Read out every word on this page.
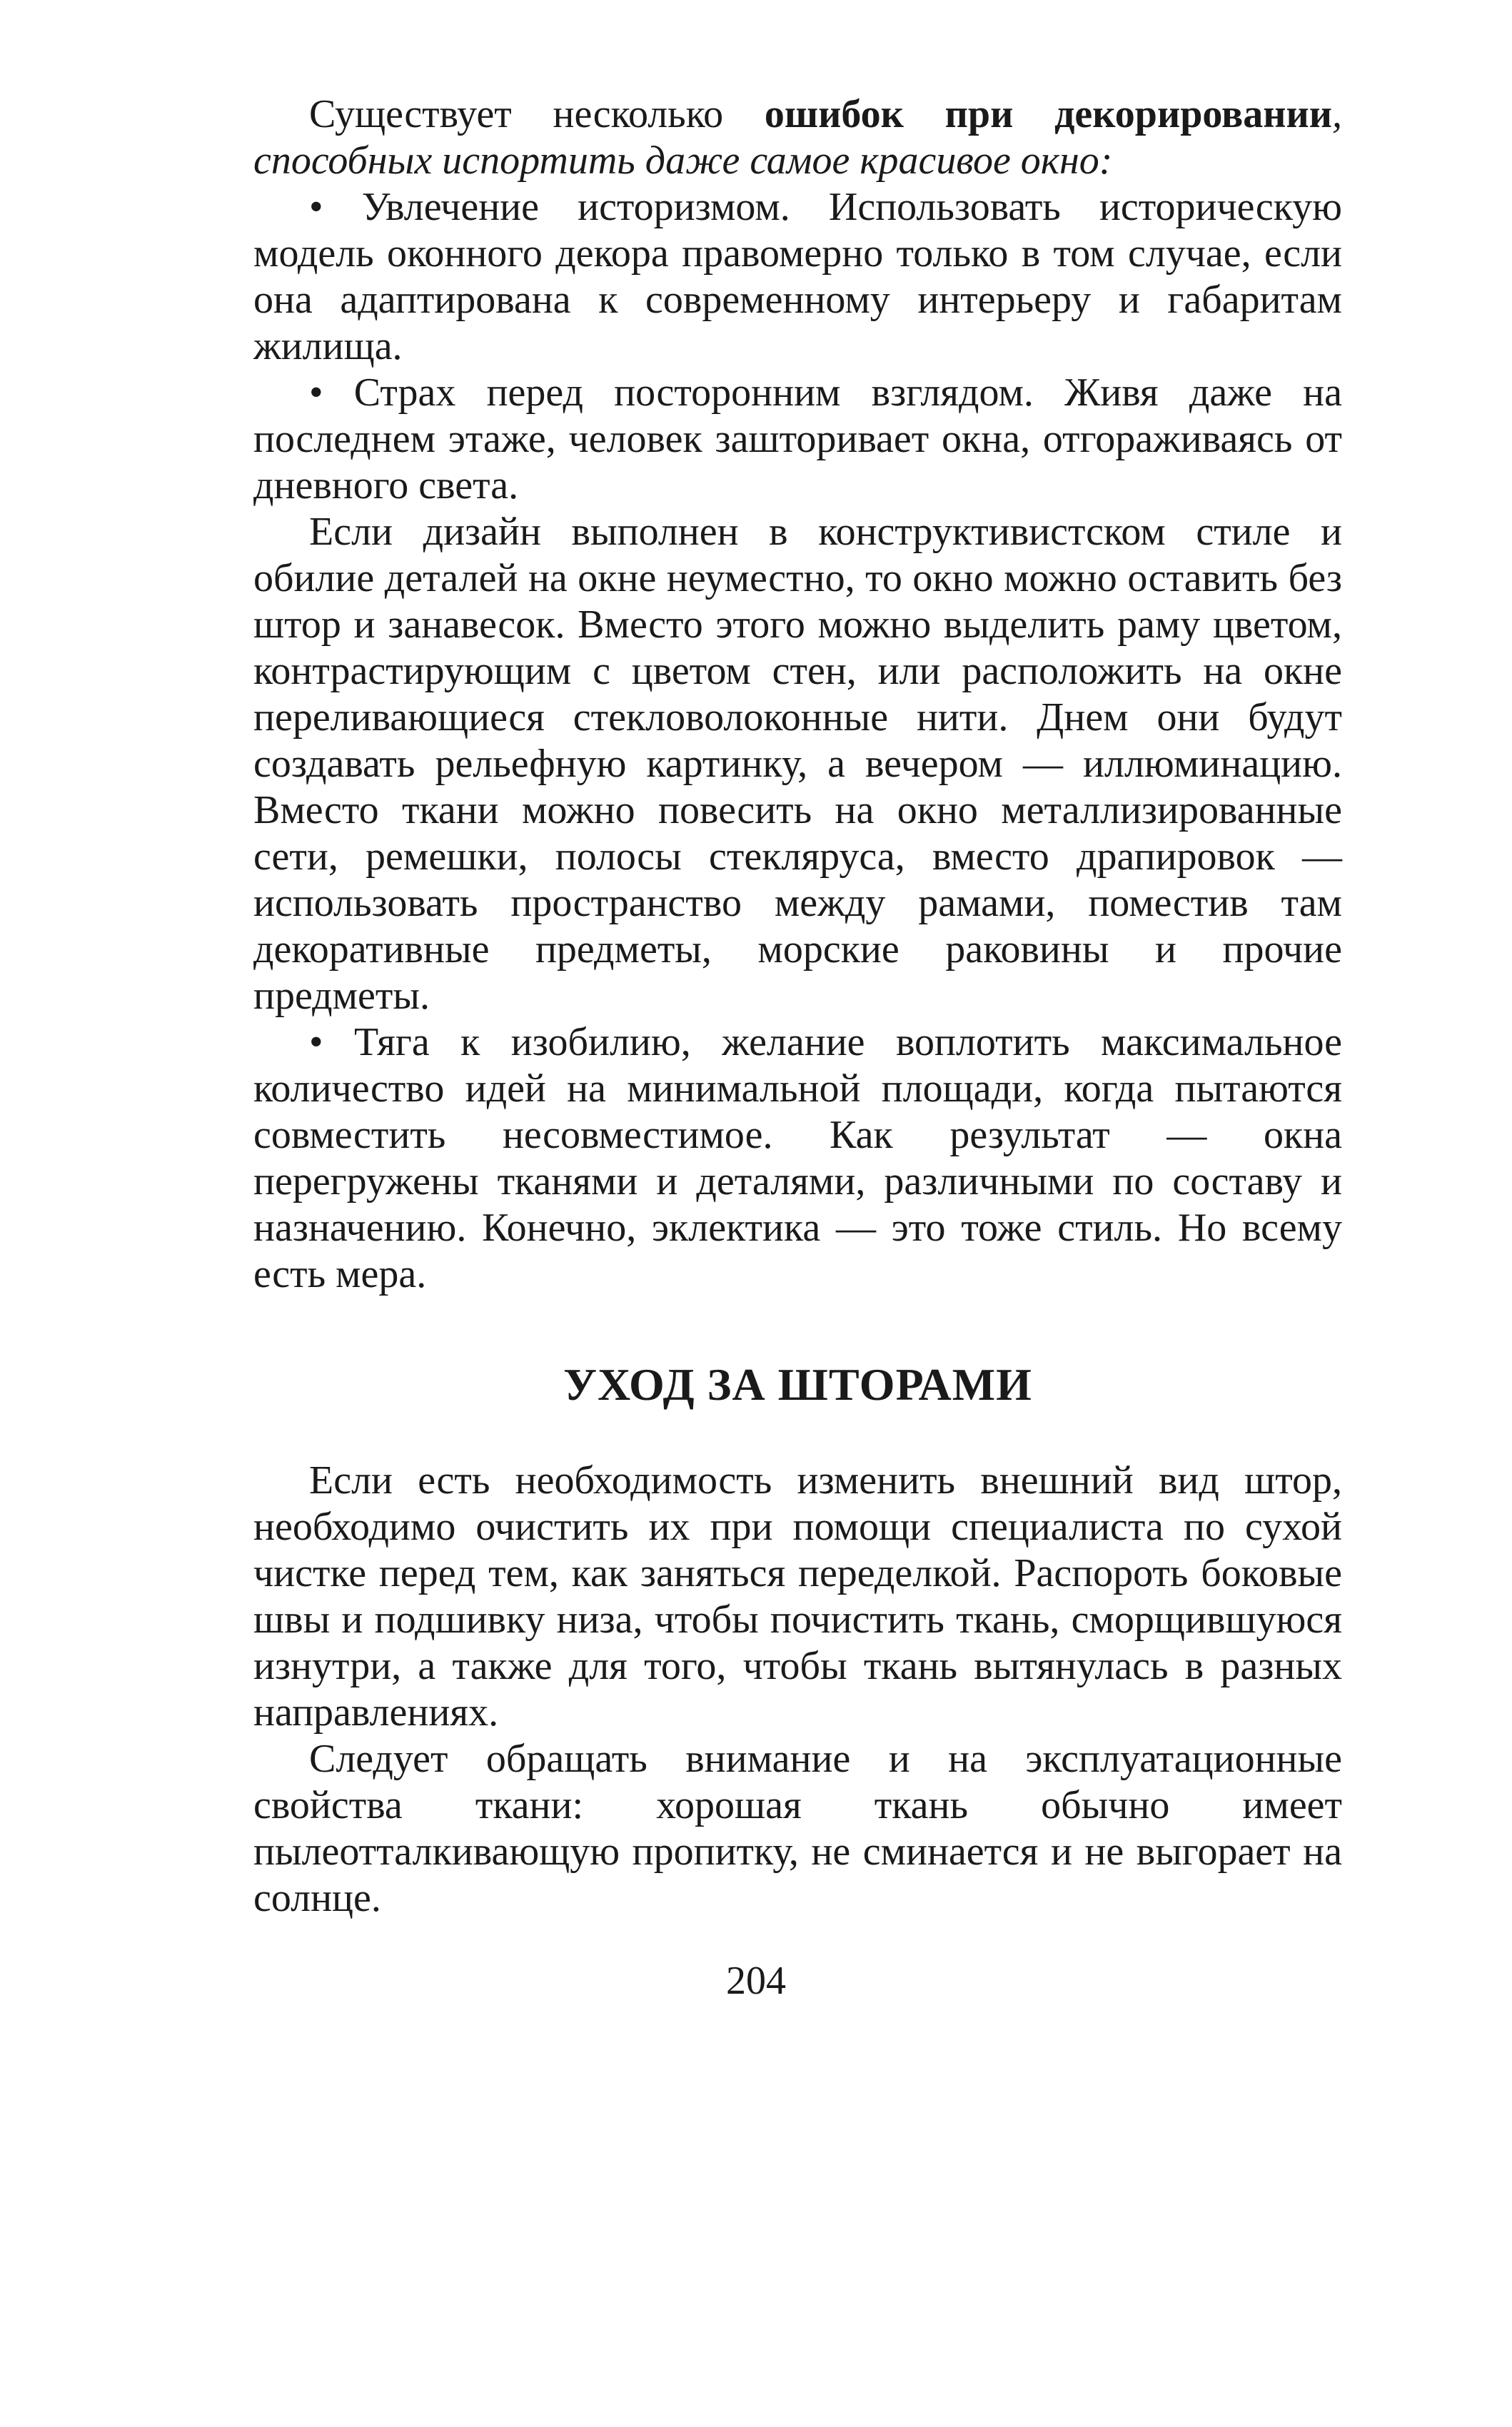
Существует несколько ошибок при декорировании, способных испортить даже самое красивое окно:

• Увлечение историзмом. Использовать историческую модель оконного декора правомерно только в том случае, если она адаптирована к современному интерьеру и габаритам жилища.

• Страх перед посторонним взглядом. Живя даже на последнем этаже, человек зашторивает окна, отгораживаясь от дневного света.

Если дизайн выполнен в конструктивистском стиле и обилие деталей на окне неуместно, то окно можно оставить без штор и занавесок. Вместо этого можно выделить раму цветом, контрастирующим с цветом стен, или расположить на окне переливающиеся стекловолоконные нити. Днем они будут создавать рельефную картинку, а вечером — иллюминацию. Вместо ткани можно повесить на окно металлизированные сети, ремешки, полосы стекляруса, вместо драпировок — использовать пространство между рамами, поместив там декоративные предметы, морские раковины и прочие предметы.

• Тяга к изобилию, желание воплотить максимальное количество идей на минимальной площади, когда пытаются совместить несовместимое. Как результат — окна перегружены тканями и деталями, различными по составу и назначению. Конечно, эклектика — это тоже стиль. Но всему есть мера.

УХОД ЗА ШТОРАМИ

Если есть необходимость изменить внешний вид штор, необходимо очистить их при помощи специалиста по сухой чистке перед тем, как заняться переделкой. Распороть боковые швы и подшивку низа, чтобы почистить ткань, сморщившуюся изнутри, а также для того, чтобы ткань вытянулась в разных направлениях.

Следует обращать внимание и на эксплуатационные свойства ткани: хорошая ткань обычно имеет пылеотталкивающую пропитку, не сминается и не выгорает на солнце.

204
